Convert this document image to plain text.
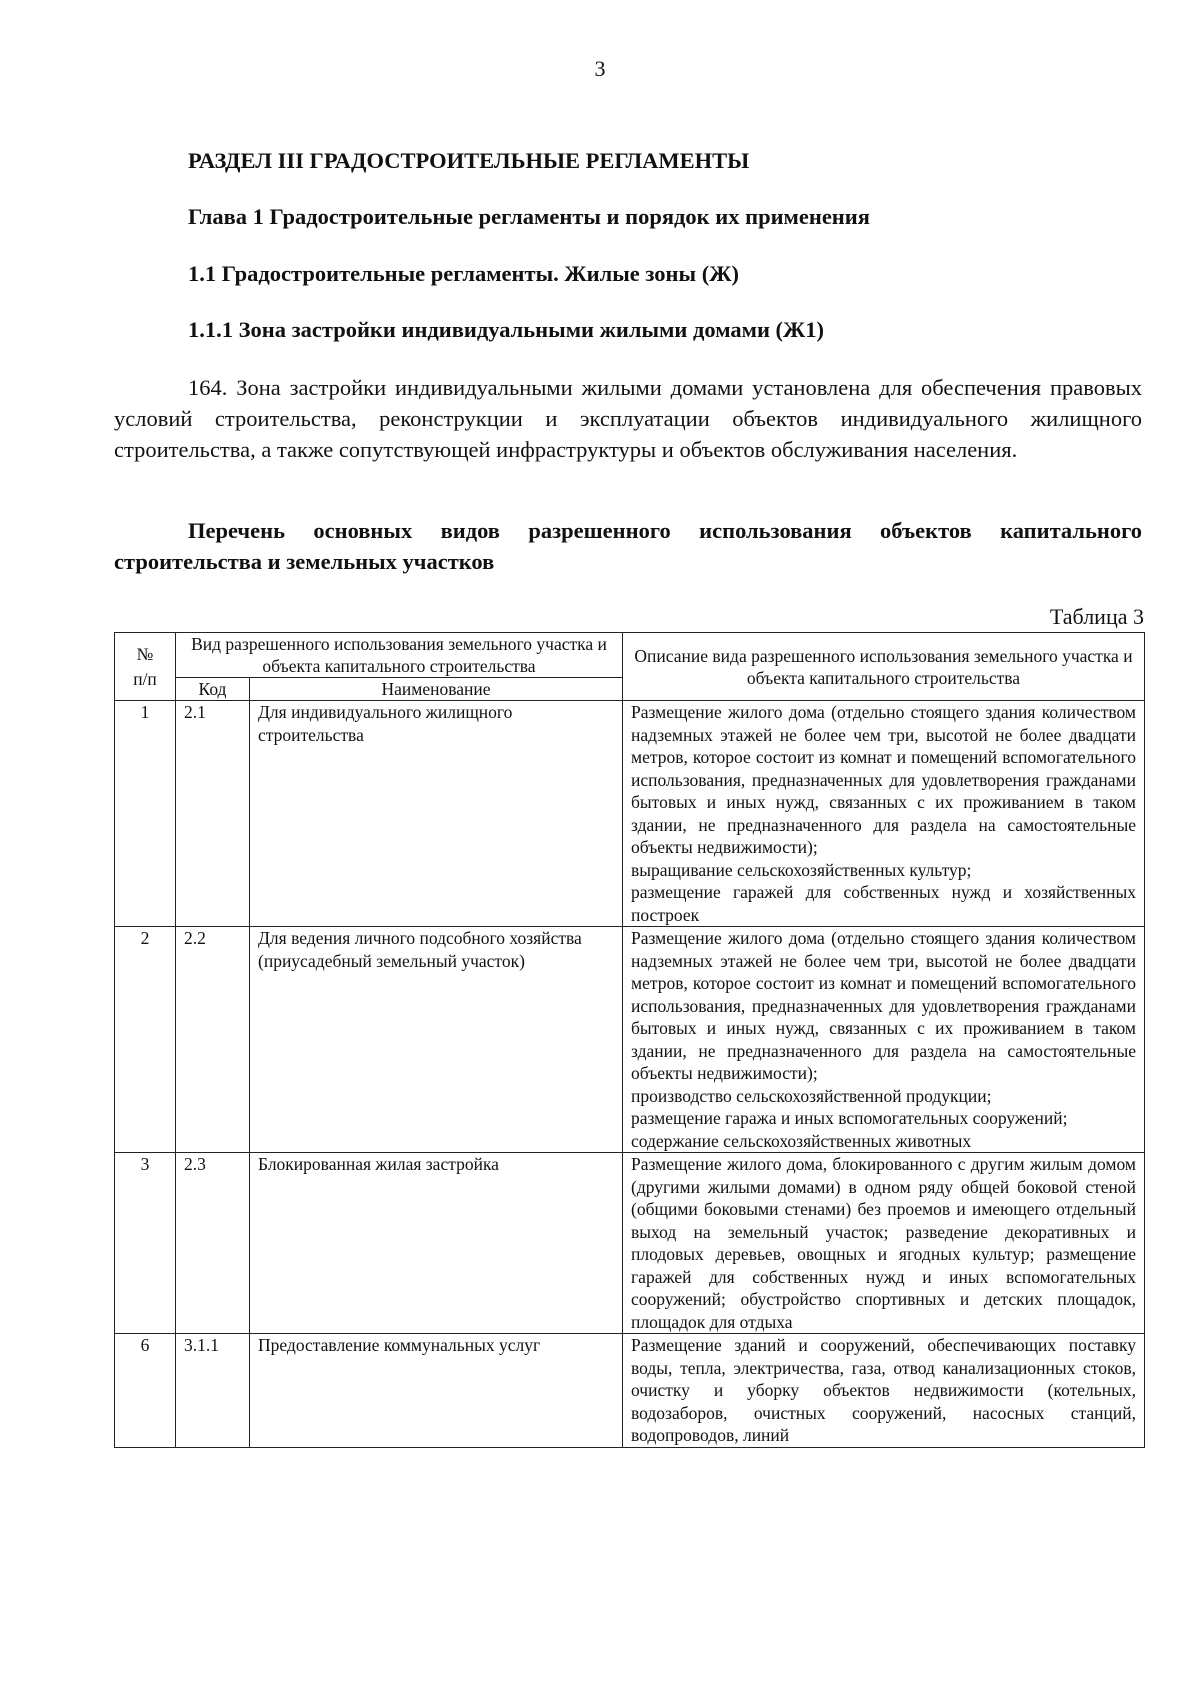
3
РАЗДЕЛ III ГРАДОСТРОИТЕЛЬНЫЕ РЕГЛАМЕНТЫ
Глава 1 Градостроительные регламенты и порядок их применения
1.1 Градостроительные регламенты. Жилые зоны (Ж)
1.1.1 Зона застройки индивидуальными жилыми домами (Ж1)
164. Зона застройки индивидуальными жилыми домами установлена для обеспечения правовых условий строительства, реконструкции и эксплуатации объектов индивидуального жилищного строительства, а также сопутствующей инфраструктуры и объектов обслуживания населения.
Перечень основных видов разрешенного использования объектов капитального строительства и земельных участков
Таблица 3
№ п/п	Вид разрешенного использования земельного участка и объекта капитального строительства		Описание вида разрешенного использования земельного участка и объекта капитального строительства
	Код	Наименование	
1	2.1	Для индивидуального жилищного строительства	Размещение жилого дома (отдельно стоящего здания количеством надземных этажей не более чем три, высотой не более двадцати метров, которое состоит из комнат и помещений вспомогательного использования, предназначенных для удовлетворения гражданами бытовых и иных нужд, связанных с их проживанием в таком здании, не предназначенного для раздела на самостоятельные объекты недвижимости);
выращивание сельскохозяйственных культур;
размещение гаражей для собственных нужд и хозяйственных построек

2	2.2	Для ведения личного подсобного хозяйства (приусадебный земельный участок)	Размещение жилого дома (отдельно стоящего здания количеством надземных этажей не более чем три, высотой не более двадцати метров, которое состоит из комнат и помещений вспомогательного использования, предназначенных для удовлетворения гражданами бытовых и иных нужд, связанных с их проживанием в таком здании, не предназначенного для раздела на самостоятельные объекты недвижимости);
производство сельскохозяйственной продукции;
размещение гаража и иных вспомогательных сооружений;
содержание сельскохозяйственных животных

3	2.3	Блокированная жилая застройка	Размещение жилого дома, блокированного с другим жилым домом (другими жилыми домами) в одном ряду общей боковой стеной (общими боковыми стенами) без проемов и имеющего отдельный выход на земельный участок; разведение декоративных и плодовых деревьев, овощных и ягодных культур; размещение гаражей для собственных нужд и иных вспомогательных сооружений; обустройство спортивных и детских площадок, площадок для отдыха

6	3.1.1	Предоставление коммунальных услуг	Размещение зданий и сооружений, обеспечивающих поставку воды, тепла, электричества, газа, отвод канализационных стоков, очистку и уборку объектов недвижимости (котельных, водозаборов, очистных сооружений, насосных станций, водопроводов, линий
